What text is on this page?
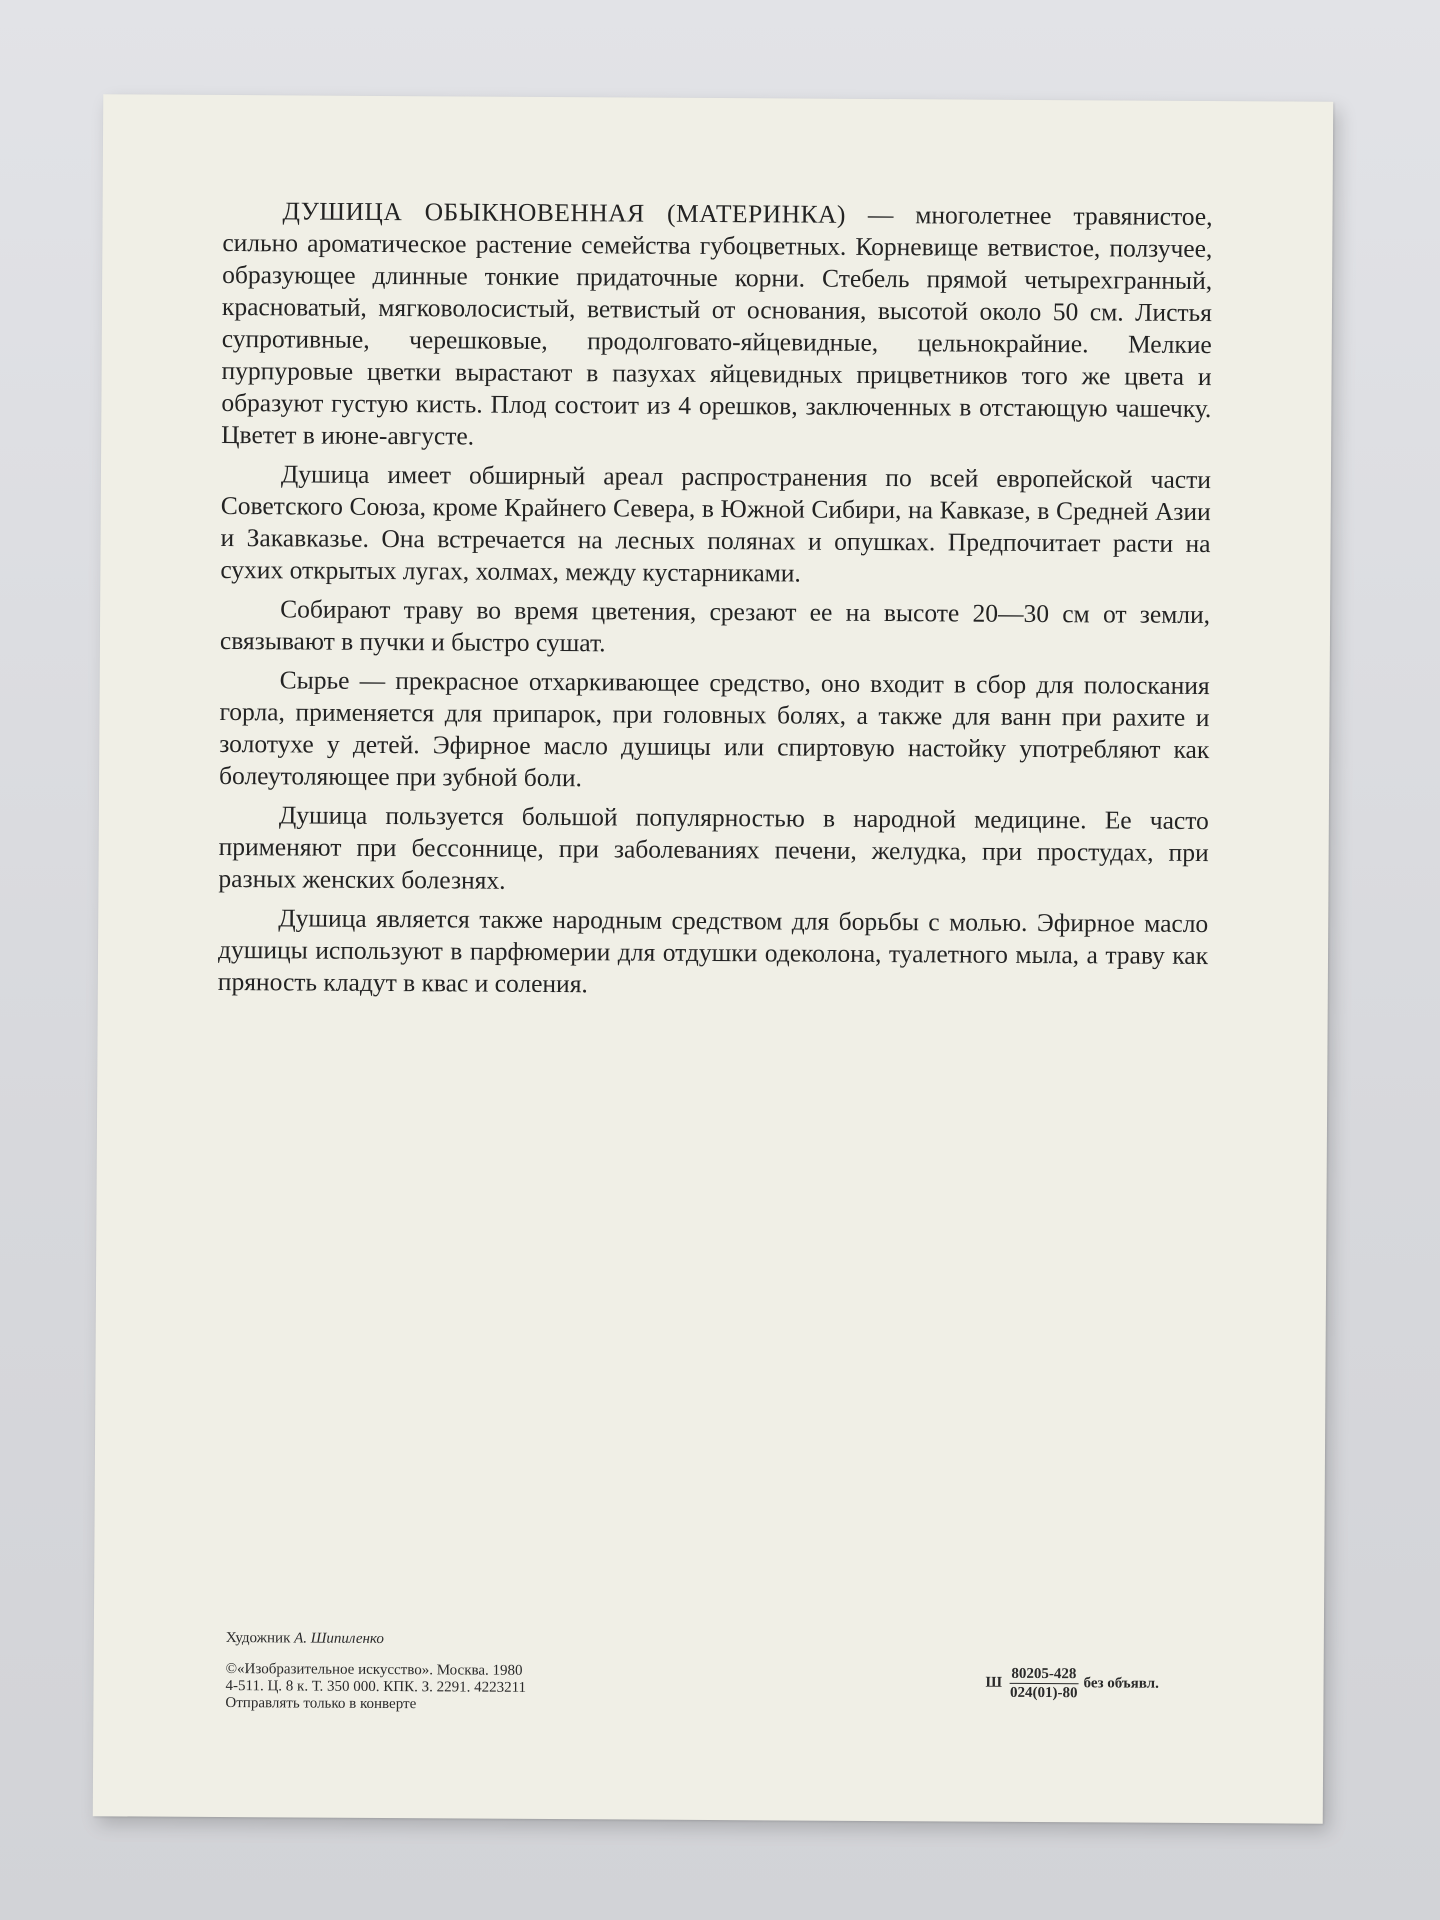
ДУШИЦА ОБЫКНОВЕННАЯ (МАТЕРИНКА) — многолетнее травянистое, сильно ароматическое растение семейства губоцветных. Корневище ветвистое, ползучее, образующее длинные тонкие придаточные корни. Стебель прямой четырехгранный, красноватый, мягковолосистый, ветвистый от основания, высотой около 50 см. Листья супротивные, черешковые, продолговато-яйцевидные, цельнокрайние. Мелкие пурпуровые цветки вырастают в пазухах яйцевидных прицветников того же цвета и образуют густую кисть. Плод состоит из 4 орешков, заключенных в отстающую чашечку. Цветет в июне-августе.

Душица имеет обширный ареал распространения по всей европейской части Советского Союза, кроме Крайнего Севера, в Южной Сибири, на Кавказе, в Средней Азии и Закавказье. Она встречается на лесных полянах и опушках. Предпочитает расти на сухих открытых лугах, холмах, между кустарниками.

Собирают траву во время цветения, срезают ее на высоте 20—30 см от земли, связывают в пучки и быстро сушат.

Сырье — прекрасное отхаркивающее средство, оно входит в сбор для полоскания горла, применяется для припарок, при головных болях, а также для ванн при рахите и золотухе у детей. Эфирное масло душицы или спиртовую настойку употребляют как болеутоляющее при зубной боли.

Душица пользуется большой популярностью в народной медицине. Ее часто применяют при бессоннице, при заболеваниях печени, желудка, при простудах, при разных женских болезнях.

Душица является также народным средством для борьбы с молью. Эфирное масло душицы используют в парфюмерии для отдушки одеколона, туалетного мыла, а траву как пряность кладут в квас и соления.

Художник А. Шипиленко
©«Изобразительное искусство». Москва. 1980
4-511. Ц. 8 к. Т. 350 000. КПК. З. 2291. 4223211
Отправлять только в конверте
Ш $\frac{80205-428}{024(01)-80}$ без объявл.
